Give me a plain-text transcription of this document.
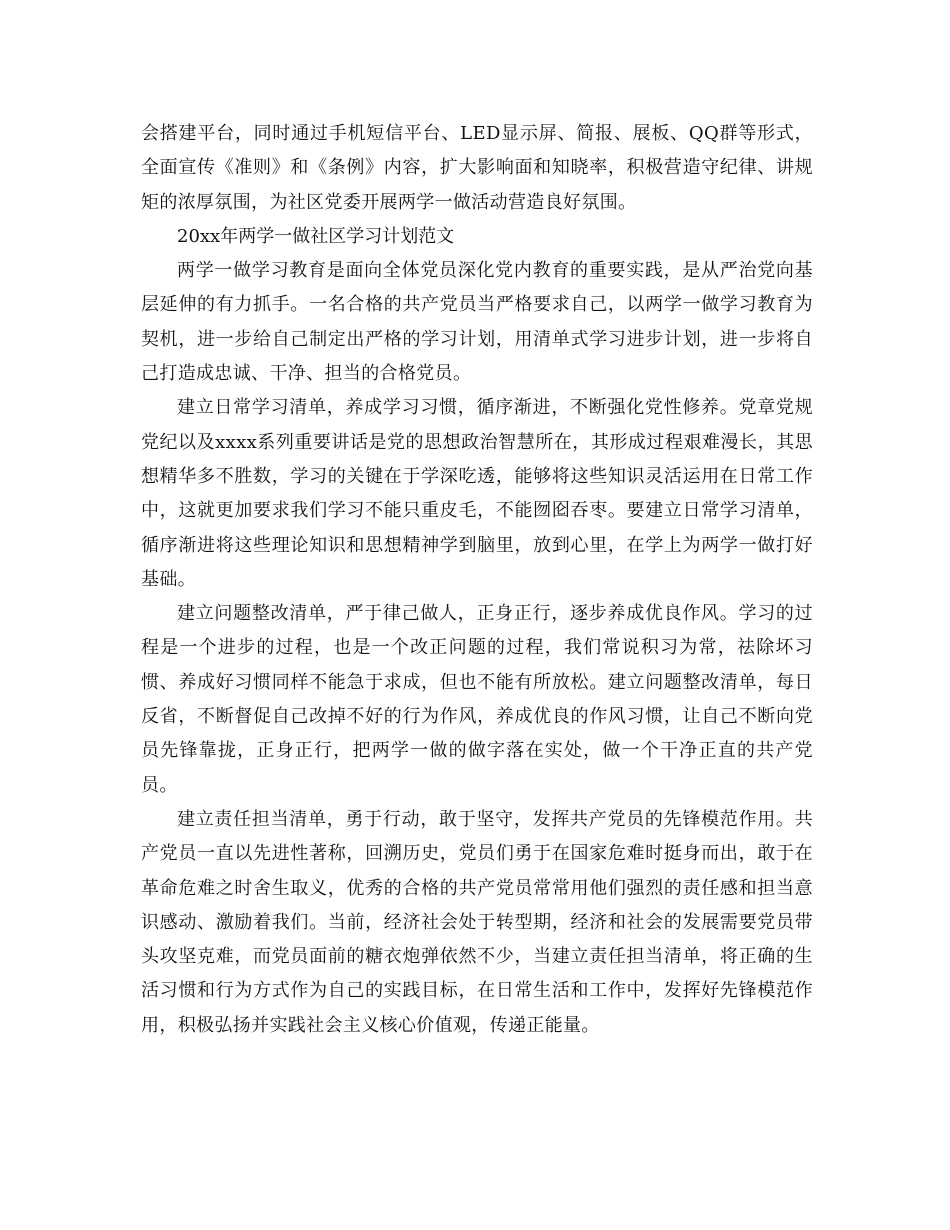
会搭建平台，同时通过手机短信平台、LED显示屏、简报、展板、QQ群等形式，全面宣传《准则》和《条例》内容，扩大影响面和知晓率，积极营造守纪律、讲规矩的浓厚氛围，为社区党委开展两学一做活动营造良好氛围。

20xx年两学一做社区学习计划范文

两学一做学习教育是面向全体党员深化党内教育的重要实践，是从严治党向基层延伸的有力抓手。一名合格的共产党员当严格要求自己，以两学一做学习教育为契机，进一步给自己制定出严格的学习计划，用清单式学习进步计划，进一步将自己打造成忠诚、干净、担当的合格党员。

建立日常学习清单，养成学习习惯，循序渐进，不断强化党性修养。党章党规党纪以及xxxx系列重要讲话是党的思想政治智慧所在，其形成过程艰难漫长，其思想精华多不胜数，学习的关键在于学深吃透，能够将这些知识灵活运用在日常工作中，这就更加要求我们学习不能只重皮毛，不能囫囵吞枣。要建立日常学习清单，循序渐进将这些理论知识和思想精神学到脑里，放到心里，在学上为两学一做打好基础。

建立问题整改清单，严于律己做人，正身正行，逐步养成优良作风。学习的过程是一个进步的过程，也是一个改正问题的过程，我们常说积习为常，祛除坏习惯、养成好习惯同样不能急于求成，但也不能有所放松。建立问题整改清单，每日反省，不断督促自己改掉不好的行为作风，养成优良的作风习惯，让自己不断向党员先锋靠拢，正身正行，把两学一做的做字落在实处，做一个干净正直的共产党员。

建立责任担当清单，勇于行动，敢于坚守，发挥共产党员的先锋模范作用。共产党员一直以先进性著称，回溯历史，党员们勇于在国家危难时挺身而出，敢于在革命危难之时舍生取义，优秀的合格的共产党员常常用他们强烈的责任感和担当意识感动、激励着我们。当前，经济社会处于转型期，经济和社会的发展需要党员带头攻坚克难，而党员面前的糖衣炮弹依然不少，当建立责任担当清单，将正确的生活习惯和行为方式作为自己的实践目标，在日常生活和工作中，发挥好先锋模范作用，积极弘扬并实践社会主义核心价值观，传递正能量。
